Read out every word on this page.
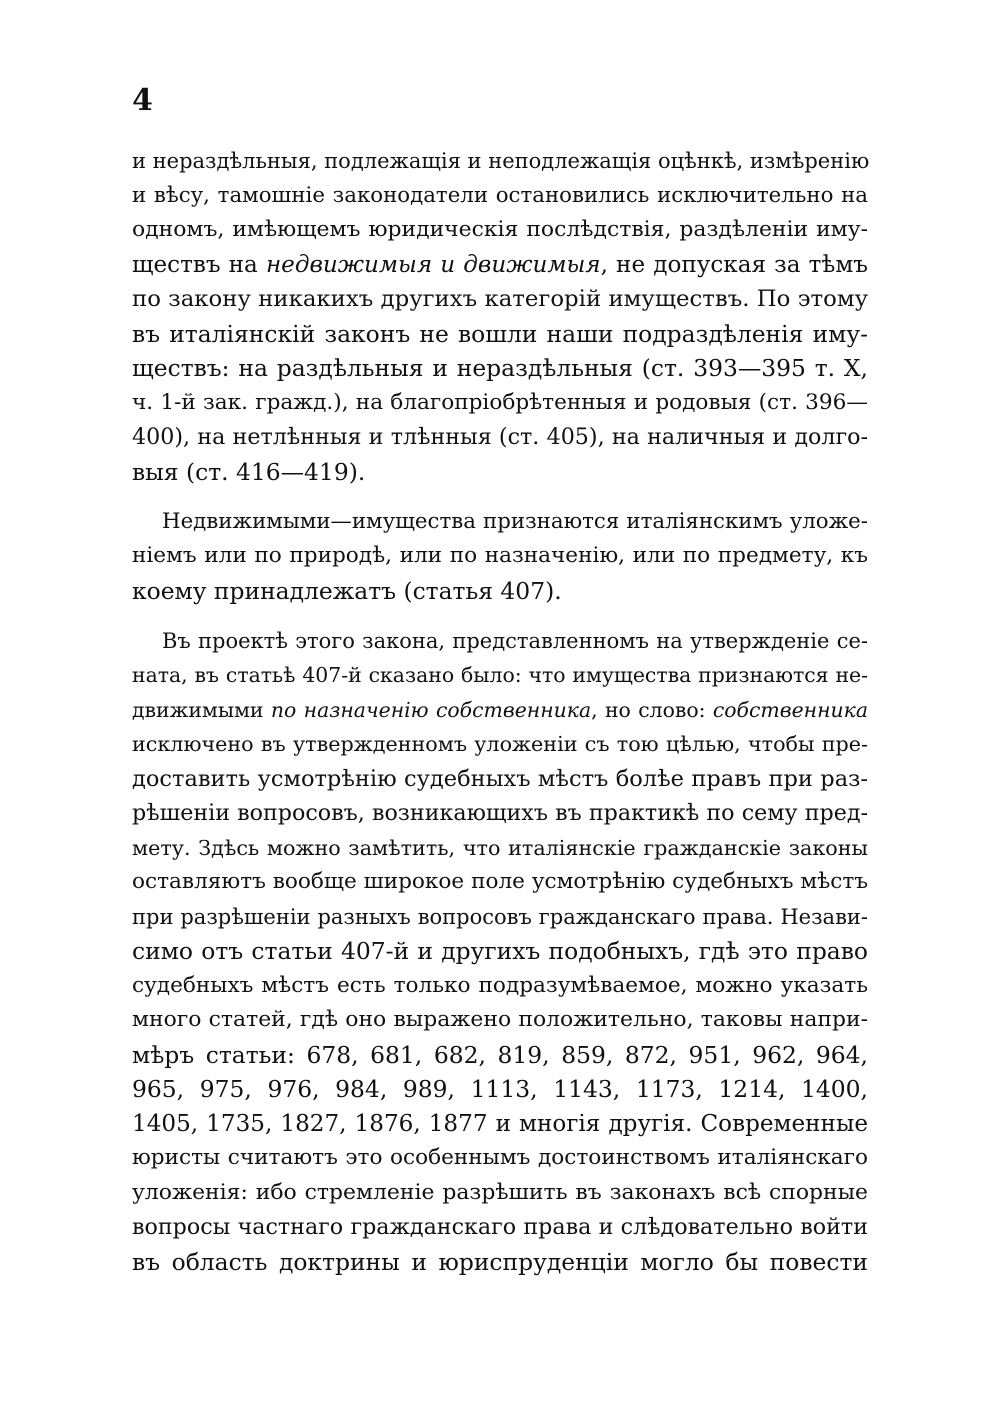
4

и нераздѣльныя, подлежащія и неподлежащія оцѣнкѣ, измѣренію
и вѣсу, тамошніе законодатели остановились исключительно на
одномъ, имѣющемъ юридическія послѣдствія, раздѣленіи иму-
ществъ на недвижимыя и движимыя, не допуская за тѣмъ
по закону никакихъ другихъ категорій имуществъ. По этому
въ италіянскій законъ не вошли наши подраздѣленія иму-
ществъ: на раздѣльныя и нераздѣльныя (ст. 393—395 т. X,
ч. 1-й зак. гражд.), на благопріобрѣтенныя и родовыя (ст. 396—
400), на нетлѣнныя и тлѣнныя (ст. 405), на наличныя и долго-
выя (ст. 416—419).

Недвижимыми—имущества признаются италіянскимъ уложе-
ніемъ или по природѣ, или по назначенію, или по предмету, къ
коему принадлежатъ (статья 407).

Въ проектѣ этого закона, представленномъ на утвержденіе се-
ната, въ статьѣ 407-й сказано было: что имущества признаются не-
движимыми по назначенію собственника, но слово: собственника
исключено въ утвержденномъ уложеніи съ тою цѣлью, чтобы пре-
доставить усмотрѣнію судебныхъ мѣстъ болѣе правъ при раз-
рѣшеніи вопросовъ, возникающихъ въ практикѣ по сему пред-
мету. Здѣсь можно замѣтить, что италіянскіе гражданскіе законы
оставляютъ вообще широкое поле усмотрѣнію судебныхъ мѣстъ
при разрѣшеніи разныхъ вопросовъ гражданскаго права. Незави-
симо отъ статьи 407-й и другихъ подобныхъ, гдѣ это право
судебныхъ мѣстъ есть только подразумѣваемое, можно указать
много статей, гдѣ оно выражено положительно, таковы напри-
мѣръ статьи: 678, 681, 682, 819, 859, 872, 951, 962, 964,
965, 975, 976, 984, 989, 1113, 1143, 1173, 1214, 1400,
1405, 1735, 1827, 1876, 1877 и многія другія. Современные
юристы считаютъ это особеннымъ достоинствомъ италіянскаго
уложенія: ибо стремленіе разрѣшить въ законахъ всѣ спорные
вопросы частнаго гражданскаго права и слѣдовательно войти
въ область доктрины и юриспруденціи могло бы повести
